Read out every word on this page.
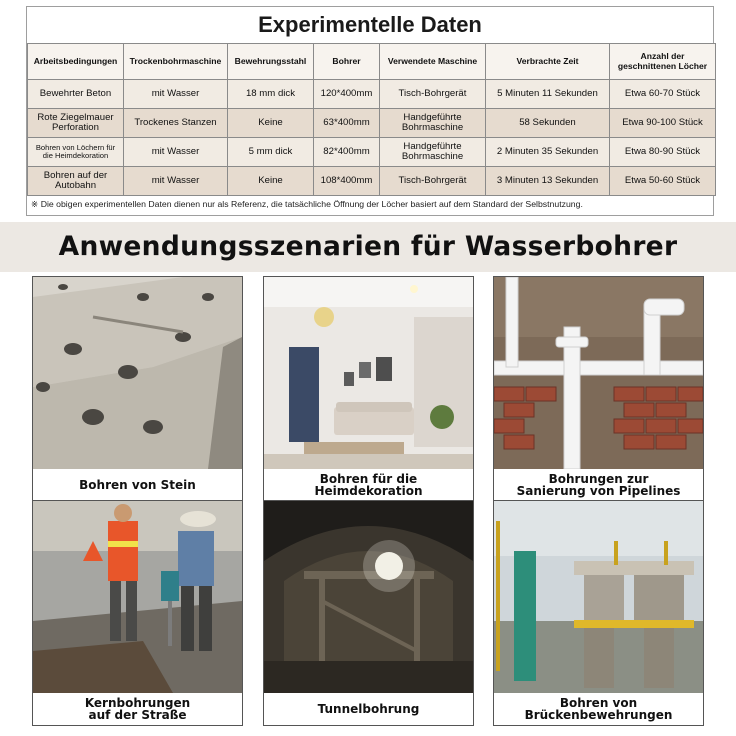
Experimentelle Daten
Arbeitsbedingungen	Trockenbohrmaschine	Bewehrungsstahl	Bohrer	Verwendete Maschine	Verbrachte Zeit	Anzahl der geschnittenen Löcher
Bewehrter Beton	mit Wasser	18 mm dick	120*400mm	Tisch-Bohrgerät	5 Minuten 11 Sekunden	Etwa 60-70 Stück
Rote Ziegelmauer Perforation	Trockenes Stanzen	Keine	63*400mm	Handgeführte Bohrmaschine	58 Sekunden	Etwa 90-100 Stück
Bohren von Löchern für die Heimdekoration	mit Wasser	5 mm dick	82*400mm	Handgeführte Bohrmaschine	2 Minuten 35 Sekunden	Etwa 80-90 Stück
Bohren auf der Autobahn	mit Wasser	Keine	108*400mm	Tisch-Bohrgerät	3 Minuten 13 Sekunden	Etwa 50-60 Stück
※ Die obigen experimentellen Daten dienen nur als Referenz, die tatsächliche Öffnung der Löcher basiert auf dem Standard der Selbstnutzung.
Anwendungsszenarien für Wasserbohrer
Bohren von Stein	Bohren für die
Heimdekoration
Bohrungen zur
Sanierung von Pipelines
Kernbohrungen
auf der Straße	Tunnelbohrung	Bohren von
Brückenbewehrungen
